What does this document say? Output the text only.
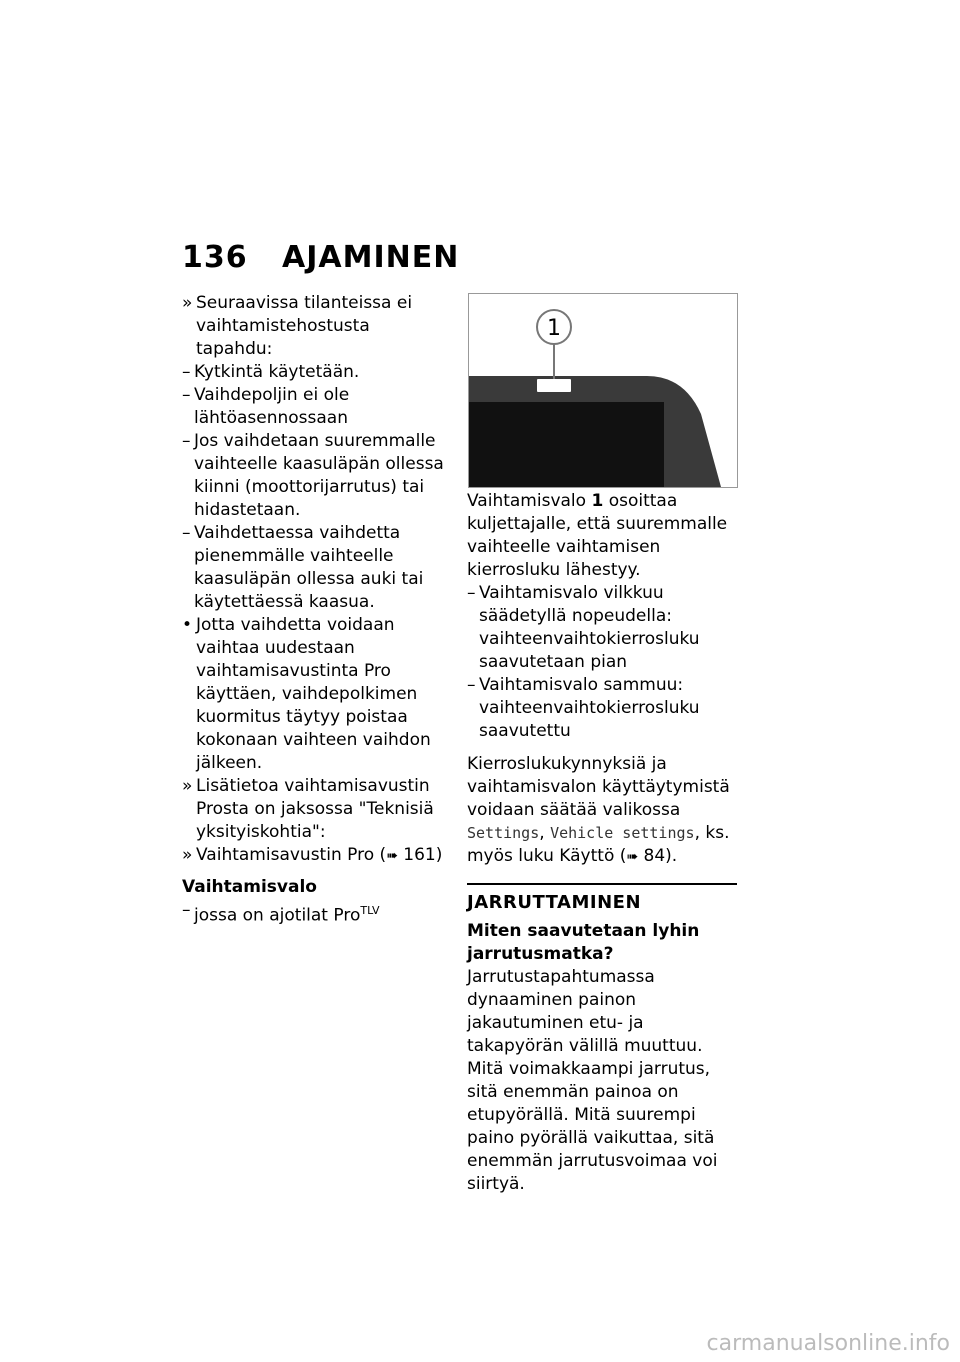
136	AJAMINEN
» Seuraavissa tilanteissa ei vaihtamistehostusta tapahdu:
– Kytkintä käytetään.
– Vaihdepoljin ei ole lähtöasennossaan
– Jos vaihdetaan suuremmalle vaihteelle kaasuläpän ollessa kiinni (moottorijarrutus) tai hidastetaan.
– Vaihdettaessa vaihdetta pienemmälle vaihteelle kaasuläpän ollessa auki tai käytettäessä kaasua.
• Jotta vaihdetta voidaan vaihtaa uudestaan vaihtamisavustinta Pro käyttäen, vaihdepolkimen kuormitus täytyy poistaa kokonaan vaihteen vaihdon jälkeen.
» Lisätietoa vaihtamisavustin Prosta on jaksossa "Teknisiä yksityiskohtia":
» Vaihtamisavustin Pro (➠ 161)
Vaihtamisvalo
– jossa on ajotilat Pro$^{TLV}$
1
Vaihtamisvalo 1 osoittaa kuljettajalle, että suuremmalle vaihteelle vaihtamisen kierrosluku lähestyy.
– Vaihtamisvalo vilkkuu säädetyllä nopeudella: vaihteenvaihtokierrosluku saavutetaan pian
– Vaihtamisvalo sammuu: vaihteenvaihtokierrosluku saavutettu
Kierroslukukynnyksiä ja vaihtamisvalon käyttäytymistä voidaan säätää valikossa Settings, Vehicle settings, ks. myös luku Käyttö (➠ 84).
JARRUTTAMINEN
Miten saavutetaan lyhin jarrutusmatka?
Jarrutustapahtumassa dynaaminen painon jakautuminen etu- ja takapyörän välillä muuttuu. Mitä voimakkaampi jarrutus, sitä enemmän painoa on etupyörällä. Mitä suurempi paino pyörällä vaikuttaa, sitä enemmän jarrutusvoimaa voi siirtyä.
carmanualsonline.info
